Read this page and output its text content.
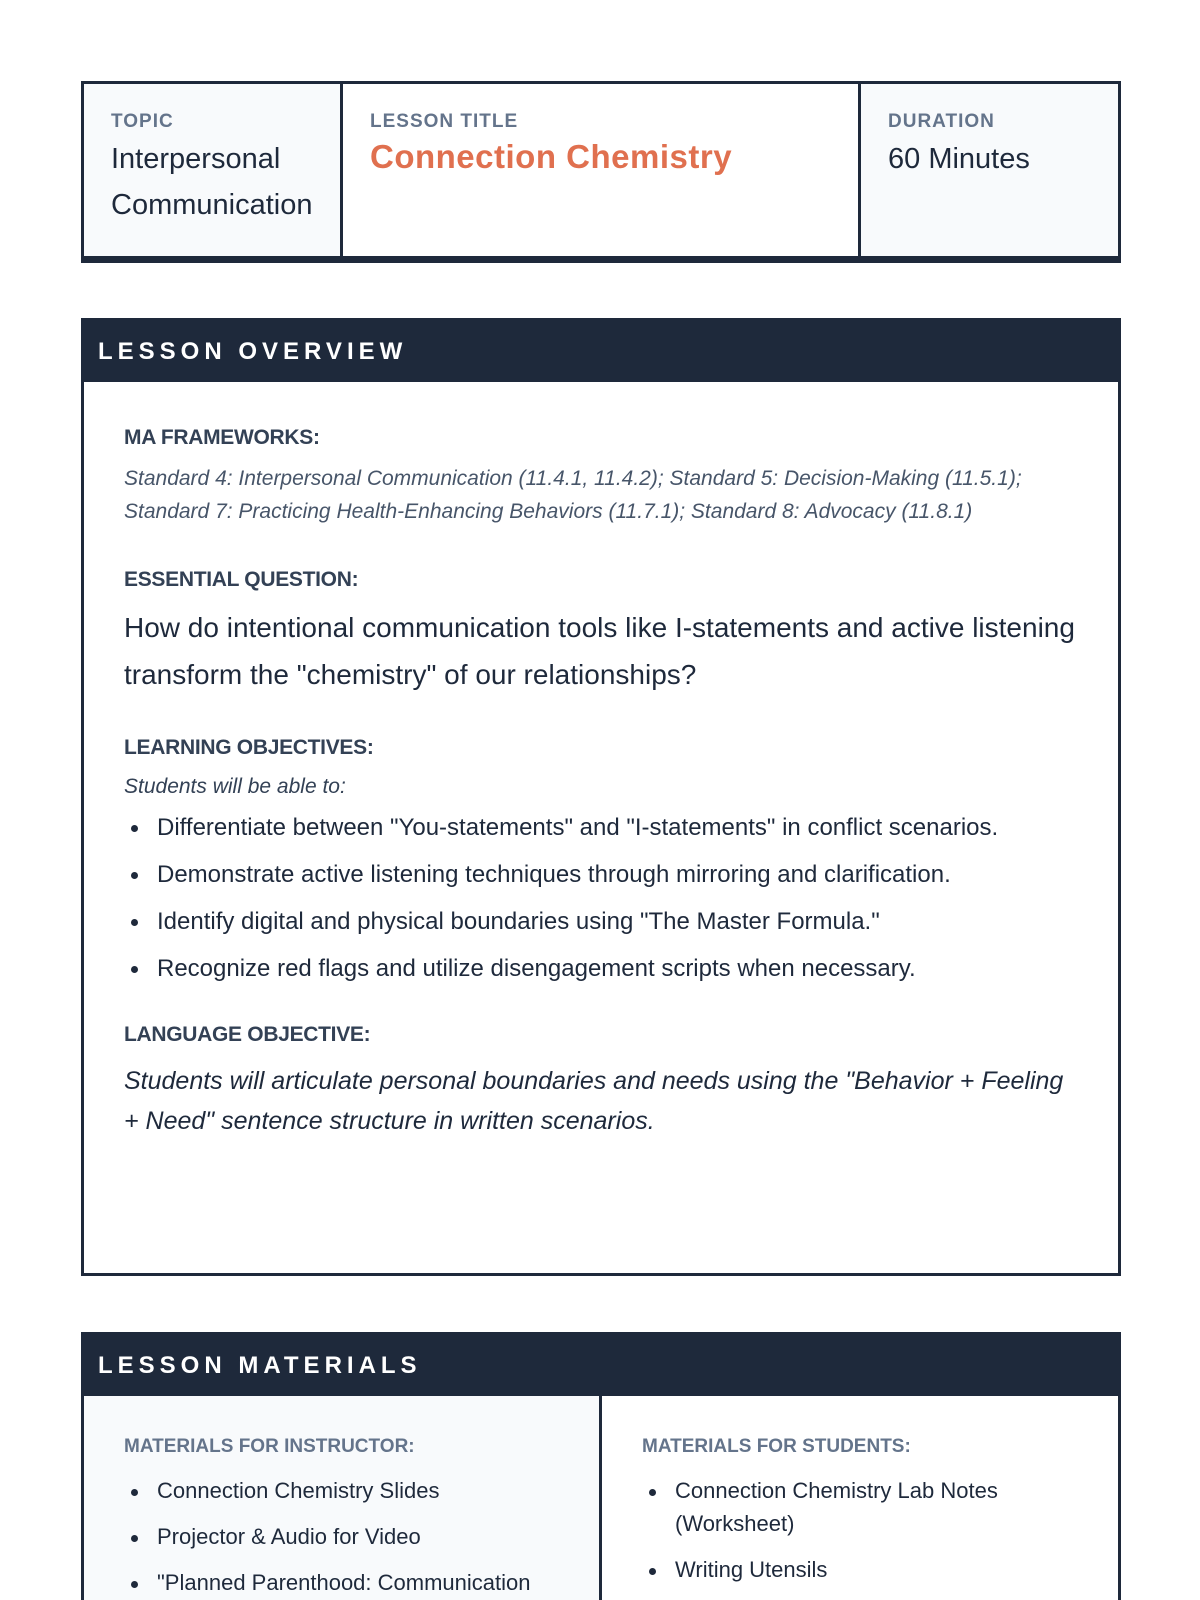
TOPIC
Interpersonal Communication
LESSON TITLE
Connection Chemistry
DURATION
60 Minutes
LESSON OVERVIEW
MA FRAMEWORKS:
Standard 4: Interpersonal Communication (11.4.1, 11.4.2); Standard 5: Decision-Making (11.5.1); Standard 7: Practicing Health-Enhancing Behaviors (11.7.1); Standard 8: Advocacy (11.8.1)
ESSENTIAL QUESTION:
How do intentional communication tools like I-statements and active listening transform the "chemistry" of our relationships?
LEARNING OBJECTIVES:
Students will be able to:
Differentiate between "You-statements" and "I-statements" in conflict scenarios.
Demonstrate active listening techniques through mirroring and clarification.
Identify digital and physical boundaries using "The Master Formula."
Recognize red flags and utilize disengagement scripts when necessary.
LANGUAGE OBJECTIVE:
Students will articulate personal boundaries and needs using the "Behavior + Feeling + Need" sentence structure in written scenarios.
LESSON MATERIALS
MATERIALS FOR INSTRUCTOR:
Connection Chemistry Slides
Projector & Audio for Video
"Planned Parenthood: Communication
MATERIALS FOR STUDENTS:
Connection Chemistry Lab Notes (Worksheet)
Writing Utensils
